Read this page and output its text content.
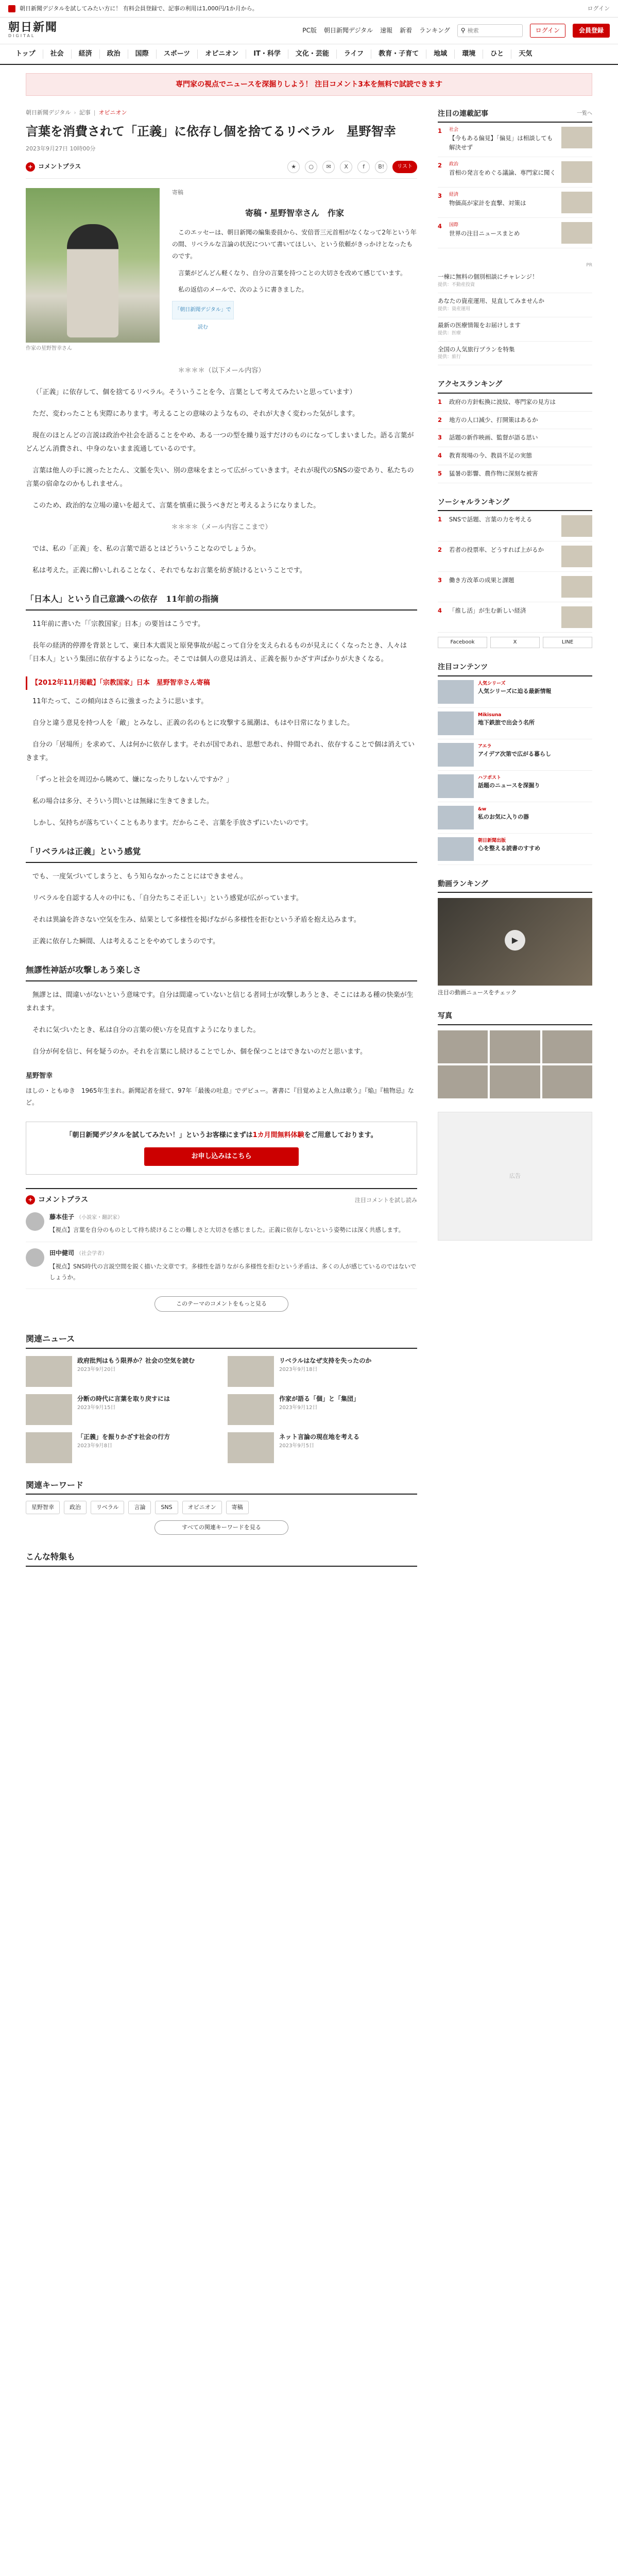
朝日新聞デジタルを試してみたい方に！ 有料会員登録で、記事の利用は1,000円/1か月から。	ログイン
朝日新聞
DIGITAL
PC版 朝日新聞デジタル 速報 新着 ランキング ⚲
検索	ログイン	会員登録
トップ	社会	経済	政治	国際	スポーツ	オピニオン	IT・科学	文化・芸能	ライフ	教育・子育て	地域	環境	ひと	天気
専門家の視点でニュースを深掘りしよう！ 注目コメント3本を無料で試読できます
朝日新聞デジタル › 記事 | オピニオン
言葉を消費されて「正義」に依存し個を捨てるリベラル　星野智幸
2023年9月27日 10時00分
+ コメントプラス	★	○	✉	X	f	B!	リスト
作家の星野智幸さん
寄稿
寄稿・星野智幸さん　作家

このエッセーは、朝日新聞の編集委員から、安倍晋三元首相がなくなって2年という年の間、リベラルな言論の状況について書いてほしい、という依頼がきっかけとなったものです。

言葉がどんどん軽くなり、自分の言葉を持つことの大切さを改めて感じています。

私の返信のメールで、次のように書きました。

「朝日新聞デジタル」で読む

＊＊＊＊（以下メール内容）

（「正義」に依存して、個を捨てるリベラル。そういうことを今、言葉として考えてみたいと思っています）

ただ、変わったことも実際にあります。考えることの意味のようなもの、それが大きく変わった気がします。

現在のほとんどの言説は政治や社会を語ることをやめ、ある一つの型を繰り返すだけのものになってしまいました。語る言葉がどんどん消費され、中身のないまま流通しているのです。

言葉は他人の手に渡ったとたん、文脈を失い、別の意味をまとって広がっていきます。それが現代のSNSの姿であり、私たちの言葉の宿命なのかもしれません。

このため、政治的な立場の違いを超えて、言葉を慎重に扱うべきだと考えるようになりました。

＊＊＊＊（メール内容ここまで）

では、私の「正義」を、私の言葉で語るとはどういうことなのでしょうか。

私は考えた。正義に酔いしれることなく、それでもなお言葉を紡ぎ続けるということです。

「日本人」という自己意識への依存　11年前の指摘

11年前に書いた「「宗教国家」日本」の要旨はこうです。

長年の経済的停滞を背景として、東日本大震災と原発事故が起こって自分を支えられるものが見えにくくなったとき、人々は「日本人」という集団に依存するようになった。そこでは個人の意見は消え、正義を振りかざす声ばかりが大きくなる。

【2012年11月掲載】「宗教国家」日本　星野智幸さん寄稿

11年たって、この傾向はさらに強まったように思います。

自分と違う意見を持つ人を「敵」とみなし、正義の名のもとに攻撃する風潮は、もはや日常になりました。

自分の「居場所」を求めて、人は何かに依存します。それが国であれ、思想であれ、仲間であれ、依存することで個は消えていきます。

「ずっと社会を周辺から眺めて、嫌になったりしないんですか？」

私の場合は多分、そういう問いとは無縁に生きてきました。

しかし、気持ちが落ちていくこともあります。だからこそ、言葉を手放さずにいたいのです。

「リベラルは正義」という感覚

でも、一度気づいてしまうと、もう知らなかったことにはできません。

リベラルを自認する人々の中にも、「自分たちこそ正しい」という感覚が広がっています。

それは異論を許さない空気を生み、結果として多様性を掲げながら多様性を拒むという矛盾を抱え込みます。

正義に依存した瞬間、人は考えることをやめてしまうのです。

無謬性神話が攻撃しあう楽しさ

無謬とは、間違いがないという意味です。自分は間違っていないと信じる者同士が攻撃しあうとき、そこにはある種の快楽が生まれます。

それに気づいたとき、私は自分の言葉の使い方を見直すようになりました。

自分が何を信じ、何を疑うのか。それを言葉にし続けることでしか、個を保つことはできないのだと思います。

星野智幸
ほしの・ともゆき　1965年生まれ。新聞記者を経て、97年「最後の吐息」でデビュー。著書に『目覚めよと人魚は歌う』『焔』『植物忌』など。
「朝日新聞デジタルを試してみたい！」というお客様にまずは1カ月間無料体験をご用意しております。
お申し込みはこちら
+ コメントプラス	注目コメントを試し読み
藤本佳子 （小説家・翻訳家）
【視点】言葉を自分のものとして持ち続けることの難しさと大切さを感じました。正義に依存しないという姿勢には深く共感します。
田中健司 （社会学者）
【視点】SNS時代の言説空間を鋭く描いた文章です。多様性を語りながら多様性を拒むという矛盾は、多くの人が感じているのではないでしょうか。
このテーマのコメントをもっと見る
関連ニュース
政府批判はもう限界か？社会の空気を読む
2023年9月20日
リベラルはなぜ支持を失ったのか
2023年9月18日
分断の時代に言葉を取り戻すには
2023年9月15日
作家が語る「個」と「集団」
2023年9月12日
「正義」を振りかざす社会の行方
2023年9月8日
ネット言論の現在地を考える
2023年9月5日
関連キーワード
星野智幸	政治	リベラル	言論	SNS	オピニオン	寄稿
すべての関連キーワードを見る
こんな特集も
注目の連載記事	一覧へ
1	社会
【今もある偏見】「偏見」は相談しても解決せず
2	政治
首相の発言をめぐる議論、専門家に聞く
3	経済
物価高が家計を直撃、対策は
4	国際
世界の注目ニュースまとめ
PR
一棟に無料の個別相談にチャレンジ！
提供：不動産投資
あなたの資産運用、見直してみませんか
提供：資産運用
最新の医療情報をお届けします
提供：医療
全国の人気旅行プランを特集
提供：旅行
アクセスランキング
1	政府の方針転換に波紋、専門家の見方は
2	地方の人口減少、打開策はあるか
3	話題の新作映画、監督が語る思い
4	教育現場の今、教員不足の実態
5	猛暑の影響、農作物に深刻な被害
ソーシャルランキング
1	SNSで話題、言葉の力を考える
2	若者の投票率、どうすれば上がるか
3	働き方改革の成果と課題
4	「推し活」が生む新しい経済
Facebook	X	LINE
注目コンテンツ
人気シリーズ
人気シリーズに迫る最新情報
Mikisuna
地下鉄旅で出会う名所
アエラ
アイデア次第で広がる暮らし
ハフポスト
話題のニュースを深掘り
&w
私のお気に入りの器
朝日新聞出版
心を整える読書のすすめ
動画ランキング
▶
注目の動画ニュースをチェック
写真
広告
